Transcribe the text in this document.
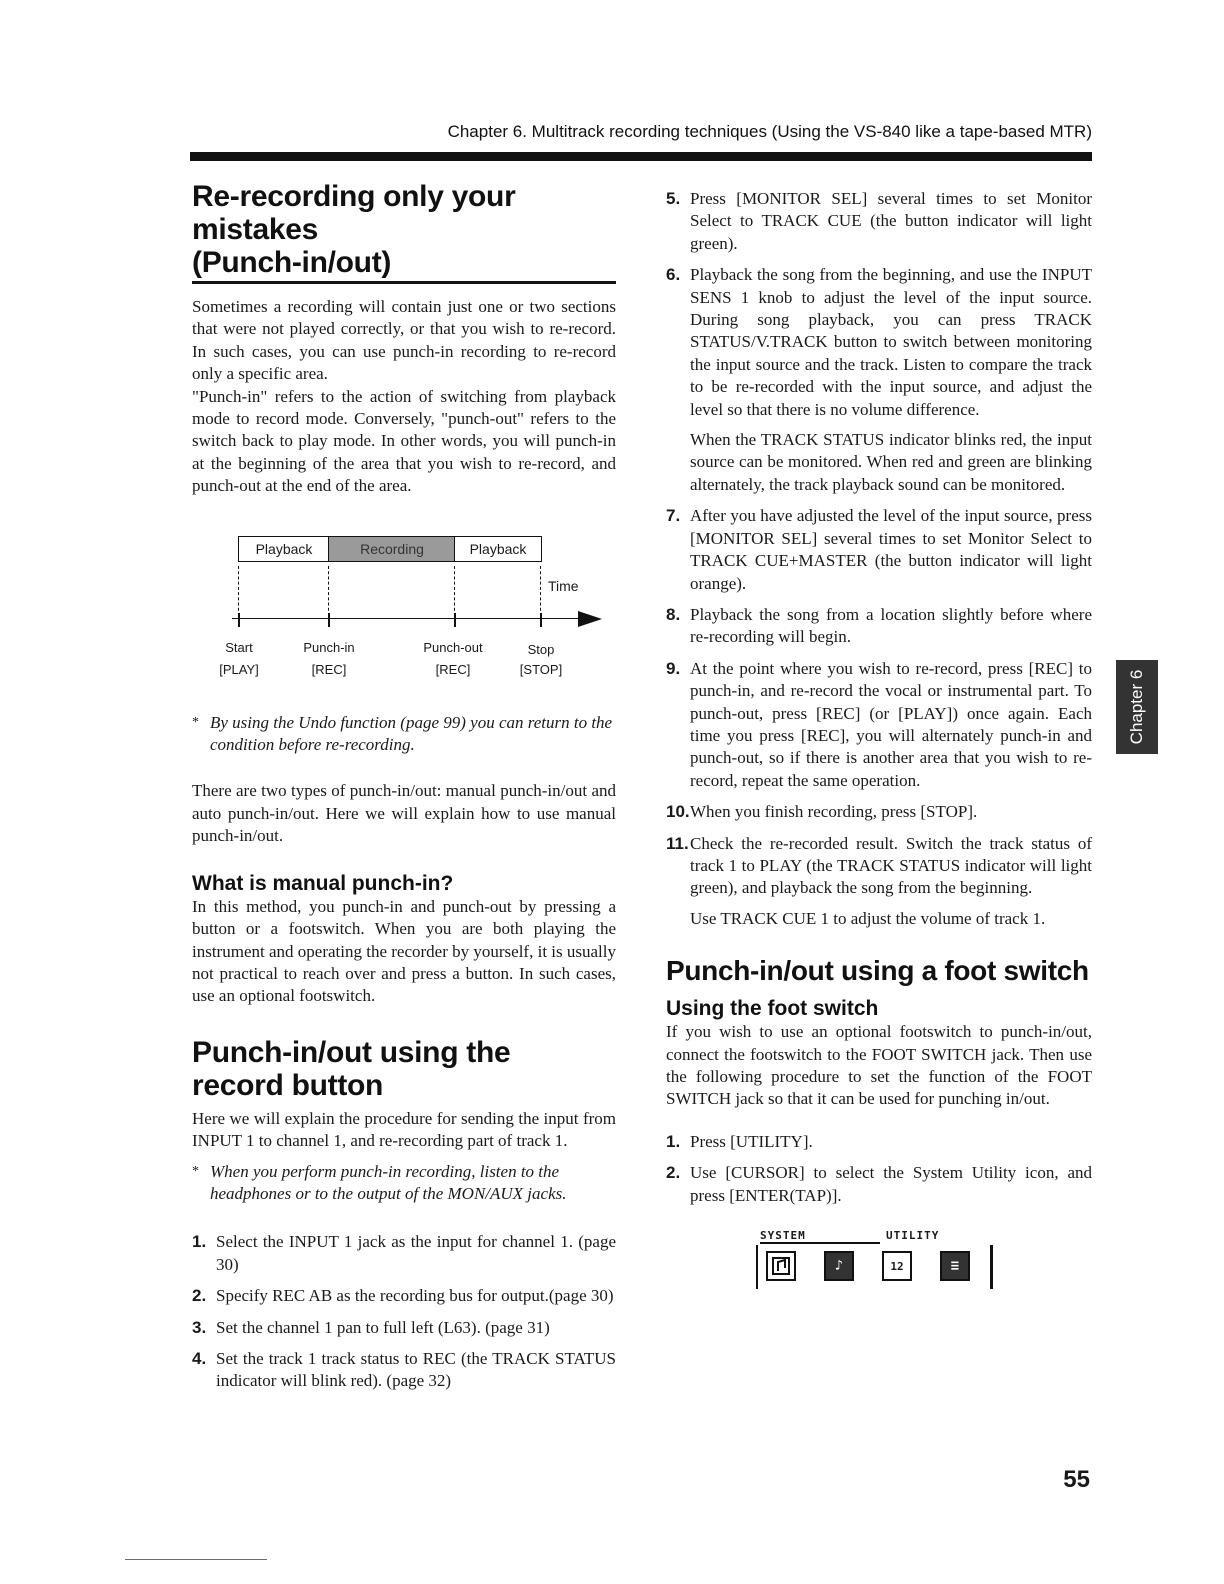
Chapter 6. Multitrack recording techniques (Using the VS-840 like a tape-based MTR)
Re-recording only your mistakes
(Punch-in/out)

Sometimes a recording will contain just one or two sections that were not played correctly, or that you wish to re-record. In such cases, you can use punch-in recording to re-record only a specific area.

"Punch-in" refers to the action of switching from playback mode to record mode. Conversely, "punch-out" refers to the switch back to play mode. In other words, you will punch-in at the beginning of the area that you wish to re-record, and punch-out at the end of the area.

Playback	Recording	Playback
Time
Start
[PLAY]
Punch-in
[REC]
Punch-out
[REC]
Stop
[STOP]
* By using the Undo function (page 99) you can return to the condition before re-recording.

There are two types of punch-in/out: manual punch-in/out and auto punch-in/out. Here we will explain how to use manual punch-in/out.

What is manual punch-in?

In this method, you punch-in and punch-out by pressing a button or a footswitch. When you are both playing the instrument and operating the recorder by yourself, it is usually not practical to reach over and press a button. In such cases, use an optional footswitch.

Punch-in/out using the
record button

Here we will explain the procedure for sending the input from INPUT 1 to channel 1, and re-recording part of track 1.

* When you perform punch-in recording, listen to the headphones or to the output of the MON/AUX jacks.
1. Select the INPUT 1 jack as the input for channel 1. (page 30)
2. Specify REC AB as the recording bus for output.(page 30)
3. Set the channel 1 pan to full left (L63). (page 31)
4. Set the track 1 track status to REC (the TRACK STATUS indicator will blink red). (page 32)
5. Press [MONITOR SEL] several times to set Monitor Select to TRACK CUE (the button indicator will light green).
6. Playback the song from the beginning, and use the INPUT SENS 1 knob to adjust the level of the input source. During song playback, you can press TRACK STATUS/V.TRACK button to switch between monitoring the input source and the track. Listen to compare the track to be re-recorded with the input source, and adjust the level so that there is no volume difference.

When the TRACK STATUS indicator blinks red, the input source can be monitored. When red and green are blinking alternately, the track playback sound can be monitored.

7. After you have adjusted the level of the input source, press [MONITOR SEL] several times to set Monitor Select to TRACK CUE+MASTER (the button indicator will light orange).
8. Playback the song from a location slightly before where re-recording will begin.
9. At the point where you wish to re-record, press [REC] to punch-in, and re-record the vocal or instrumental part. To punch-out, press [REC] (or [PLAY]) once again. Each time you press [REC], you will alternately punch-in and punch-out, so if there is another area that you wish to re-record, repeat the same operation.
10. When you finish recording, press [STOP].
11. Check the re-recorded result. Switch the track status of track 1 to PLAY (the TRACK STATUS indicator will light green), and playback the song from the beginning.

Use TRACK CUE 1 to adjust the volume of track 1.

Punch-in/out using a foot switch
Using the foot switch

If you wish to use an optional footswitch to punch-in/out, connect the footswitch to the FOOT SWITCH jack. Then use the following procedure to set the function of the FOOT SWITCH jack so that it can be used for punching in/out.

1. Press [UTILITY].
2. Use [CURSOR] to select the System Utility icon, and press [ENTER(TAP)].
SYSTEM	UTILITY
♪	12	≡
Chapter 6
55
